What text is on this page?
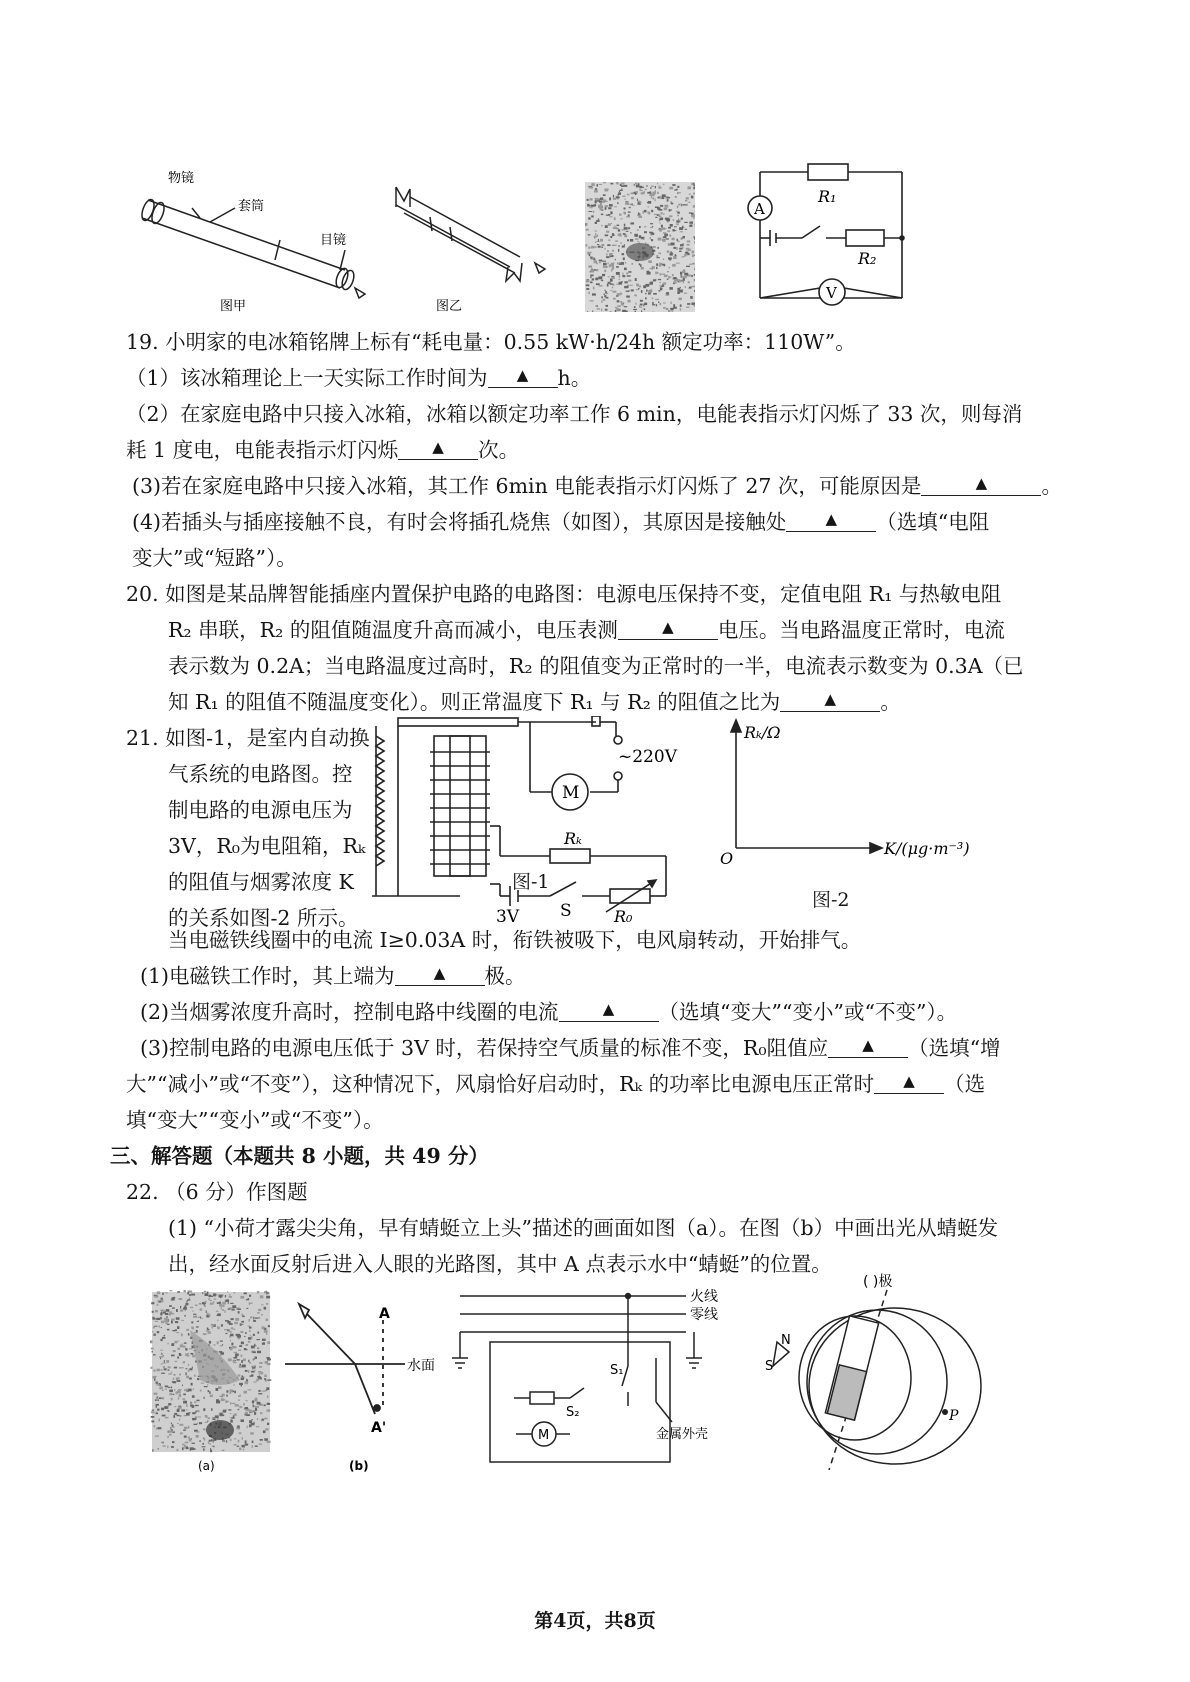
物镜
套筒
目镜
图甲	图乙
R₁
R₂
A
V
19. 小明家的电冰箱铭牌上标有“耗电量：0.55 kW·h/24h 额定功率：110W”。
（1）该冰箱理论上一天实际工作时间为 ▲ h。
（2）在家庭电路中只接入冰箱，冰箱以额定功率工作 6 min，电能表指示灯闪烁了 33 次，则每消
耗 1 度电，电能表指示灯闪烁 ▲ 次。
(3)若在家庭电路中只接入冰箱，其工作 6min 电能表指示灯闪烁了 27 次，可能原因是	▲	。
(4)若插头与插座接触不良，有时会将插孔烧焦（如图），其原因是接触处	▲ （选填“电阻
变大”或“短路”）。
20. 如图是某品牌智能插座内置保护电路的电路图：电源电压保持不变，定值电阻 R₁ 与热敏电阻
R₂ 串联，R₂ 的阻值随温度升高而减小，电压表测	▲ 电压。当电路温度正常时，电流
表示数为 0.2A；当电路温度过高时，R₂ 的阻值变为正常时的一半，电流表示数变为 0.3A（已
知 R₁ 的阻值不随温度变化）。则正常温度下 R₁ 与 R₂ 的阻值之比为	▲ 。
21. 如图-1，是室内自动换
气系统的电路图。控
制电路的电源电压为
3V，R₀为电阻箱，Rₖ
的阻值与烟雾浓度 K
的关系如图-2 所示。
~220V
M
Rₖ
3V S	R₀
图-1
Rₖ/Ω
K/(μg·m⁻³)
O
图-2
当电磁铁线圈中的电流 I≥0.03A 时，衔铁被吸下，电风扇转动，开始排气。
(1)电磁铁工作时，其上端为	▲ 极。
(2)当烟雾浓度升高时，控制电路中线圈的电流	▲ （选填“变大”“变小”或“不变”）。
(3)控制电路的电源电压低于 3V 时，若保持空气质量的标准不变，R₀阻值应 ▲ （选填“增
大”“减小”或“不变”），这种情况下，风扇恰好启动时，Rₖ 的功率比电源电压正常时 ▲ （选
填“变大”“变小”或“不变”）。
三、解答题（本题共 8 小题，共 49 分）
22. （6 分）作图题
(1) “小荷才露尖尖角，早有蜻蜓立上头”描述的画面如图（a）。在图（b）中画出光从蜻蜓发
出，经水面反射后进入人眼的光路图，其中 A 点表示水中“蜻蜓”的位置。
(a)
A
A'
水面
(b)
火线
零线
S₁
S₂
M	金属外壳
( )极
N
S
P
第4页，共8页
